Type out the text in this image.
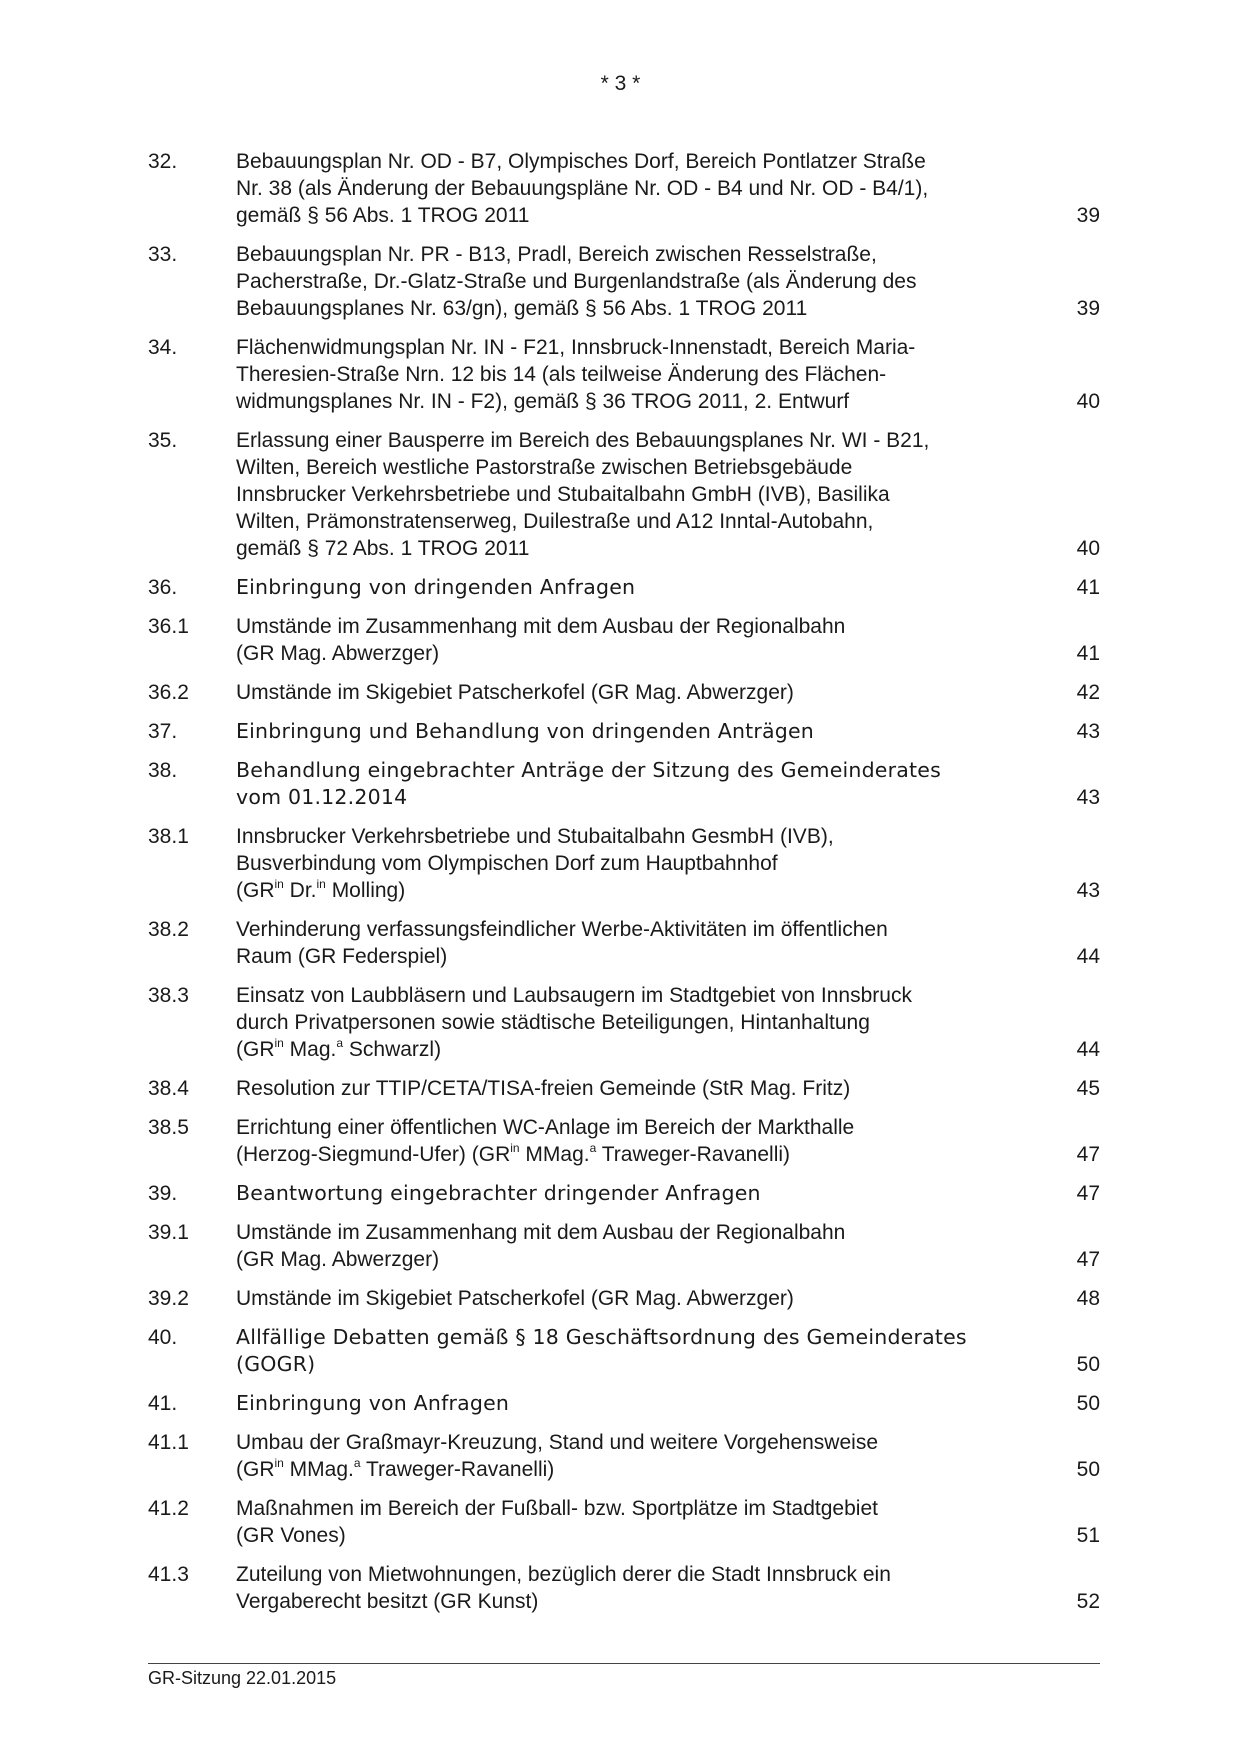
* 3 *
32.	Bebauungsplan Nr. OD - B7, Olympisches Dorf, Bereich Pontlatzer Straße
Nr. 38 (als Änderung der Bebauungspläne Nr. OD - B4 und Nr. OD - B4/1),
gemäß § 56 Abs. 1 TROG 2011	39
33.	Bebauungsplan Nr. PR - B13, Pradl, Bereich zwischen Resselstraße,
Pacherstraße, Dr.-Glatz-Straße und Burgenlandstraße (als Änderung des
Bebauungsplanes Nr. 63/gn), gemäß § 56 Abs. 1 TROG 2011	39
34.	Flächenwidmungsplan Nr. IN - F21, Innsbruck-Innenstadt, Bereich Maria-
Theresien-Straße Nrn. 12 bis 14 (als teilweise Änderung des Flächen-
widmungsplanes Nr. IN - F2), gemäß § 36 TROG 2011, 2. Entwurf	40
35.	Erlassung einer Bausperre im Bereich des Bebauungsplanes Nr. WI - B21,
Wilten, Bereich westliche Pastorstraße zwischen Betriebsgebäude
Innsbrucker Verkehrsbetriebe und Stubaitalbahn GmbH (IVB), Basilika
Wilten, Prämonstratenserweg, Duilestraße und A12 Inntal-Autobahn,
gemäß § 72 Abs. 1 TROG 2011	40
36.	Einbringung von dringenden Anfragen	41
36.1 Umstände im Zusammenhang mit dem Ausbau der Regionalbahn
(GR Mag. Abwerzger)	41
36.2 Umstände im Skigebiet Patscherkofel (GR Mag. Abwerzger)	42
37.	Einbringung und Behandlung von dringenden Anträgen	43
38.	Behandlung eingebrachter Anträge der Sitzung des Gemeinderates
vom 01.12.2014	43
38.1 Innsbrucker Verkehrsbetriebe und Stubaitalbahn GesmbH (IVB),
Busverbindung vom Olympischen Dorf zum Hauptbahnhof
($GR^{in}$ Dr.$^{in}$ Molling)	43
38.2 Verhinderung verfassungsfeindlicher Werbe-Aktivitäten im öffentlichen
Raum (GR Federspiel)	44
38.3 Einsatz von Laubbläsern und Laubsaugern im Stadtgebiet von Innsbruck
durch Privatpersonen sowie städtische Beteiligungen, Hintanhaltung
($GR^{in}$ Mag.$^a$ Schwarzl)	44
38.4 Resolution zur TTIP/CETA/TISA-freien Gemeinde (StR Mag. Fritz)	45
38.5 Errichtung einer öffentlichen WC-Anlage im Bereich der Markthalle
(Herzog-Siegmund-Ufer) ($GR^{in}$ MMag.$^a$ Traweger-Ravanelli)	47
39.	Beantwortung eingebrachter dringender Anfragen	47
39.1 Umstände im Zusammenhang mit dem Ausbau der Regionalbahn
(GR Mag. Abwerzger)	47
39.2 Umstände im Skigebiet Patscherkofel (GR Mag. Abwerzger)	48
40.	Allfällige Debatten gemäß § 18 Geschäftsordnung des Gemeinderates
(GOGR)	50
41.	Einbringung von Anfragen	50
41.1 Umbau der Graßmayr-Kreuzung, Stand und weitere Vorgehensweise
($GR^{in}$ MMag.$^a$ Traweger-Ravanelli)	50
41.2 Maßnahmen im Bereich der Fußball- bzw. Sportplätze im Stadtgebiet
(GR Vones)	51
41.3 Zuteilung von Mietwohnungen, bezüglich derer die Stadt Innsbruck ein
Vergaberecht besitzt (GR Kunst)	52
GR-Sitzung 22.01.2015
